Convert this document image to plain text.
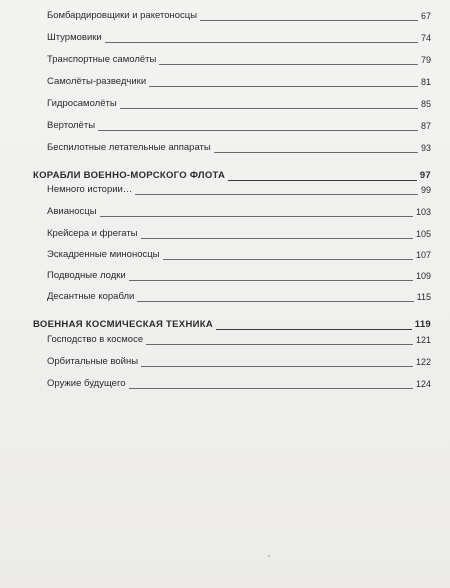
Бомбардировщики и ракетоносцы	67
Штурмовики	74
Транспортные самолёты	79
Самолёты-разведчики	81
Гидросамолёты	85
Вертолёты	87
Беспилотные летательные аппараты	93
КОРАБЛИ ВОЕННО-МОРСКОГО ФЛОТА	97
Немного истории…	99
Авианосцы	103
Крейсера и фрегаты	105
Эскадренные миноносцы	107
Подводные лодки	109
Десантные корабли	115
ВОЕННАЯ КОСМИЧЕСКАЯ ТЕХНИКА	119
Господство в космосе	121
Орбитальные войны	122
Оружие будущего	124
